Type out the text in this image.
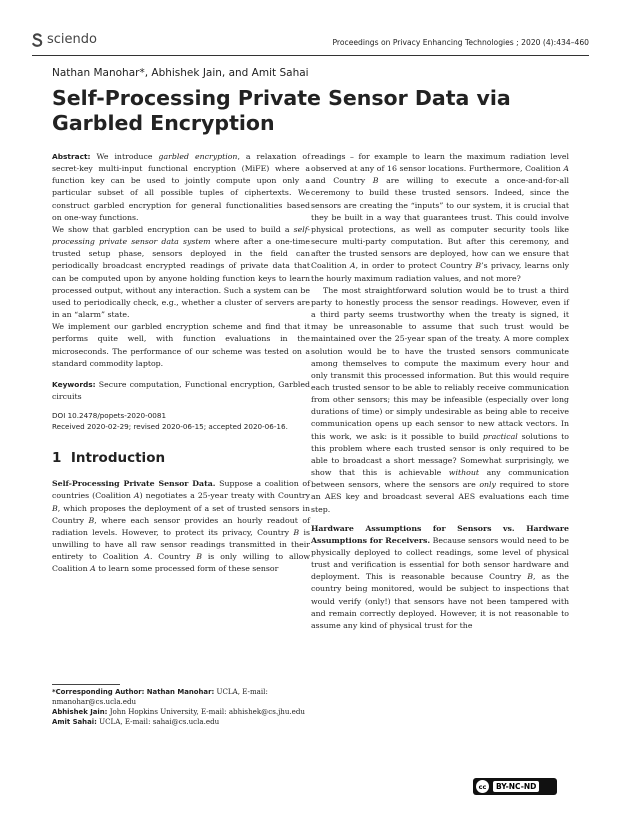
sciendo	Proceedings on Privacy Enhancing Technologies ; 2020 (4):434–460
Nathan Manohar*, Abhishek Jain, and Amit Sahai
Self-Processing Private Sensor Data via Garbled Encryption

Abstract: We introduce garbled encryption, a relaxation of secret-key multi-input functional encryption (MiFE) where a function key can be used to jointly compute upon only a particular subset of all possible tuples of ciphertexts. We construct garbled encryption for general functionalities based on one-way functions.

We show that garbled encryption can be used to build a self-processing private sensor data system where after a one-time trusted setup phase, sensors deployed in the field can periodically broadcast encrypted readings of private data that can be computed upon by anyone holding function keys to learn processed output, without any interaction. Such a system can be used to periodically check, e.g., whether a cluster of servers are in an “alarm” state.

We implement our garbled encryption scheme and find that it performs quite well, with function evaluations in the microseconds. The performance of our scheme was tested on a standard commodity laptop.

Keywords: Secure computation, Functional encryption, Garbled circuits

DOI 10.2478/popets-2020-0081
Received 2020-02-29; revised 2020-06-15; accepted 2020-06-16.
1 Introduction

Self-Processing Private Sensor Data. Suppose a coalition of countries (Coalition A) negotiates a 25-year treaty with Country B, which proposes the deployment of a set of trusted sensors in Country B, where each sensor provides an hourly readout of radiation levels. However, to protect its privacy, Country B is unwilling to have all raw sensor readings transmitted in their entirety to Coalition A. Country B is only willing to allow Coalition A to learn some processed form of these sensor

readings – for example to learn the maximum radiation level observed at any of 16 sensor locations. Furthermore, Coalition A and Country B are willing to execute a once-and-for-all ceremony to build these trusted sensors. Indeed, since the sensors are creating the “inputs” to our system, it is crucial that they be built in a way that guarantees trust. This could involve physical protections, as well as computer security tools like secure multi-party computation. But after this ceremony, and after the trusted sensors are deployed, how can we ensure that Coalition A, in order to protect Country B’s privacy, learns only the hourly maximum radiation values, and not more?

The most straightforward solution would be to trust a third party to honestly process the sensor readings. However, even if a third party seems trustworthy when the treaty is signed, it may be unreasonable to assume that such trust would be maintained over the 25-year span of the treaty. A more complex solution would be to have the trusted sensors communicate among themselves to compute the maximum every hour and only transmit this processed information. But this would require each trusted sensor to be able to reliably receive communication from other sensors; this may be infeasible (especially over long durations of time) or simply undesirable as being able to receive communication opens up each sensor to new attack vectors. In this work, we ask: is it possible to build practical solutions to this problem where each trusted sensor is only required to be able to broadcast a short message? Somewhat surprisingly, we show that this is achievable without any communication between sensors, where the sensors are only required to store an AES key and broadcast several AES evaluations each time step.

Hardware Assumptions for Sensors vs. Hardware Assumptions for Receivers. Because sensors would need to be physically deployed to collect readings, some level of physical trust and verification is essential for both sensor hardware and deployment. This is reasonable because Country B, as the country being monitored, would be subject to inspections that would verify (only!) that sensors have not been tampered with and remain correctly deployed. However, it is not reasonable to assume any kind of physical trust for the

*Corresponding Author: Nathan Manohar: UCLA, E-mail: nmanohar@cs.ucla.edu

Abhishek Jain: John Hopkins University, E-mail: abhishek@cs.jhu.edu

Amit Sahai: UCLA, E-mail: sahai@cs.ucla.edu

cc	BY-NC-ND
